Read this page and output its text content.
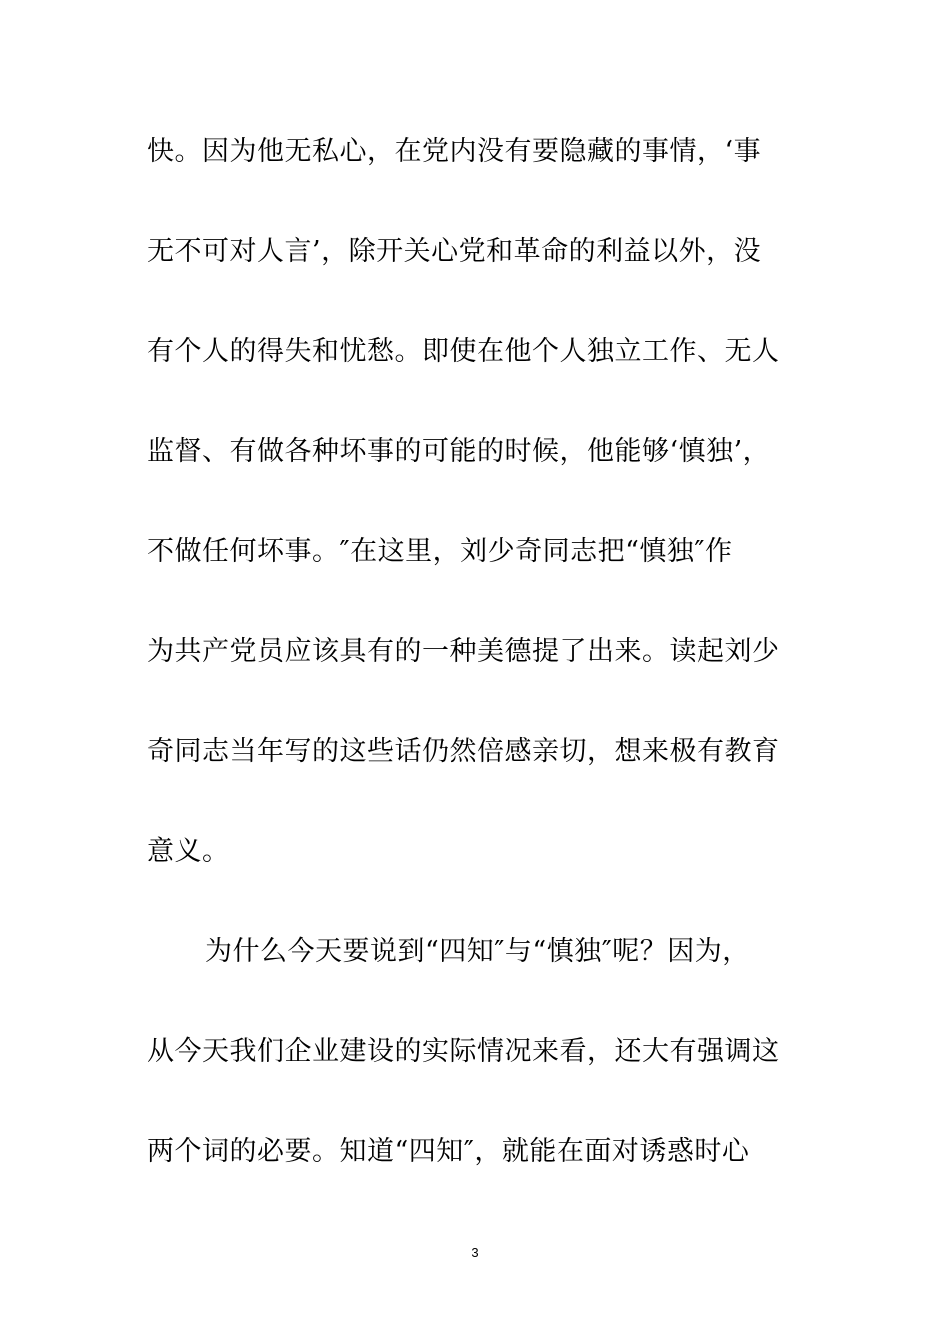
快。因为他无私心，在党内没有要隐藏的事情，‘事
无不可对人言’，除开关心党和革命的利益以外，没
有个人的得失和忧愁。即使在他个人独立工作、无人
监督、有做各种坏事的可能的时候，他能够‘慎独’，
不做任何坏事。″在这里，刘少奇同志把“慎独″作
为共产党员应该具有的一种美德提了出来。读起刘少
奇同志当年写的这些话仍然倍感亲切，想来极有教育
意义。
为什么今天要说到“四知″与“慎独″呢？因为，
从今天我们企业建设的实际情况来看，还大有强调这
两个词的必要。知道“四知″，就能在面对诱惑时心
3
